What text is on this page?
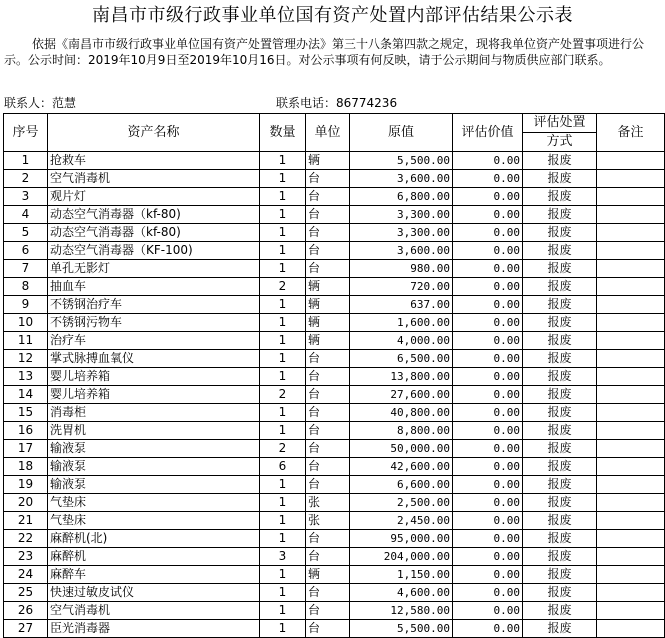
南昌市市级行政事业单位国有资产处置内部评估结果公示表
依据《南昌市市级行政事业单位国有资产处置管理办法》第三十八条第四款之规定，现将我单位资产处置事项进行公示。公示时间：2019年10月9日至2019年10月16日。对公示事项有何反映，请于公示期间与物质供应部门联系。
联系人：范慧	联系电话：86774236
序号	资产名称	数量	单位	原值	评估价值	评估处置	备注
						方式	
1	抢救车	1	辆	5,500.00	0.00	报废	
2	空气消毒机	1	台	3,600.00	0.00	报废	
3	观片灯	1	台	6,800.00	0.00	报废	
4	动态空气消毒器（kf-80)	1	台	3,300.00	0.00	报废	
5	动态空气消毒器（kf-80)	1	台	3,300.00	0.00	报废	
6	动态空气消毒器（KF-100)	1	台	3,600.00	0.00	报废	
7	单孔无影灯	1	台	980.00	0.00	报废	
8	抽血车	2	辆	720.00	0.00	报废	
9	不锈钢治疗车	1	辆	637.00	0.00	报废	
10	不锈钢污物车	1	辆	1,600.00	0.00	报废	
11	治疗车	1	辆	4,000.00	0.00	报废	
12	掌式脉搏血氧仪	1	台	6,500.00	0.00	报废	
13	婴儿培养箱	1	台	13,800.00	0.00	报废	
14	婴儿培养箱	2	台	27,600.00	0.00	报废	
15	消毒柜	1	台	40,800.00	0.00	报废	
16	洗胃机	1	台	8,800.00	0.00	报废	
17	输液泵	2	台	50,000.00	0.00	报废	
18	输液泵	6	台	42,600.00	0.00	报废	
19	输液泵	1	台	6,600.00	0.00	报废	
20	气垫床	1	张	2,500.00	0.00	报废	
21	气垫床	1	张	2,450.00	0.00	报废	
22	麻醉机(北)	1	台	95,000.00	0.00	报废	
23	麻醉机	3	台	204,000.00	0.00	报废	
24	麻醉车	1	辆	1,150.00	0.00	报废	
25	快速过敏皮试仪	1	台	4,600.00	0.00	报废	
26	空气消毒机	1	台	12,580.00	0.00	报废	
27	臣光消毒器	1	台	5,500.00	0.00	报废	
